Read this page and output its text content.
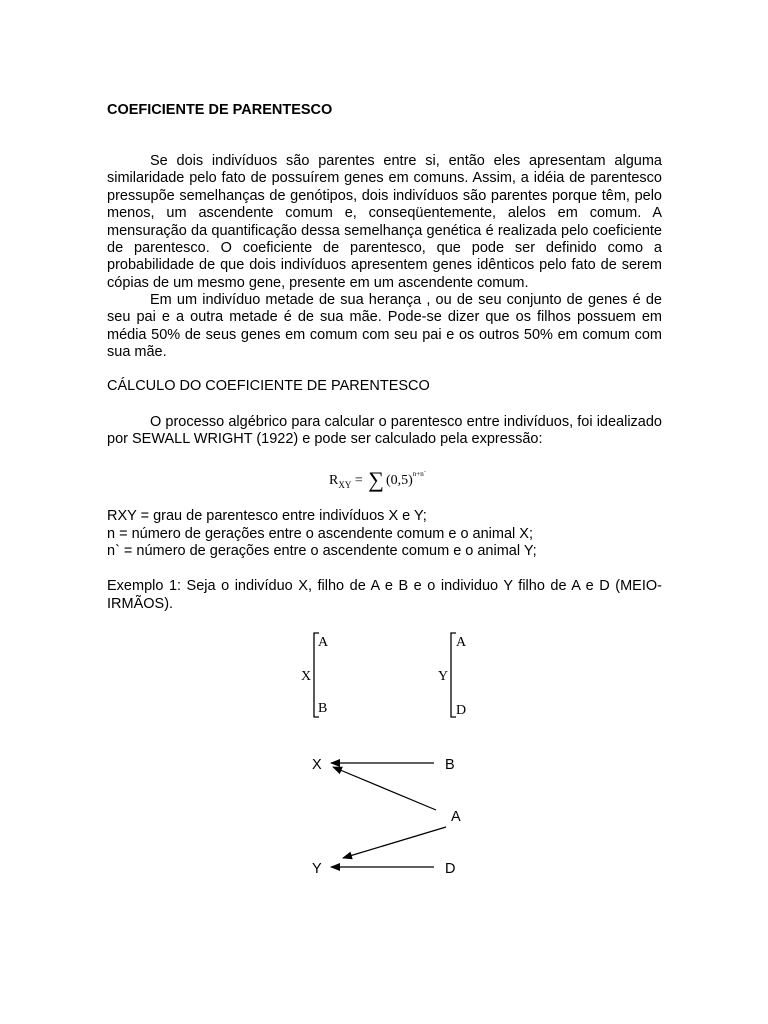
COEFICIENTE DE PARENTESCO
Se dois indivíduos são parentes entre si, então eles apresentam alguma similaridade pelo fato de possuírem genes em comuns. Assim, a idéia de parentesco pressupõe semelhanças de genótipos, dois indivíduos são parentes porque têm, pelo menos, um ascendente comum e, conseqüentemente, alelos em comum. A mensuração da quantificação dessa semelhança genética é realizada pelo coeficiente de parentesco. O coeficiente de parentesco, que pode ser definido como a probabilidade de que dois indivíduos apresentem genes idênticos pelo fato de serem cópias de um mesmo gene, presente em um ascendente comum.
Em um indivíduo metade de sua herança , ou de seu conjunto de genes é de seu pai e a outra metade é de sua mãe. Pode-se dizer que os filhos possuem em média 50% de seus genes em comum com seu pai e os outros 50% em comum com sua mãe.
CÁLCULO DO COEFICIENTE DE PARENTESCO
O processo algébrico para calcular o parentesco entre indivíduos, foi idealizado por SEWALL WRIGHT (1922) e pode ser calculado pela expressão:
$R_{XY}$ = ∑ $(0,5)^{n+n´}$
RXY = grau de parentesco entre indivíduos X e Y;
n = número de gerações entre o ascendente comum e o animal X;
n` = número de gerações entre o ascendente comum e o animal Y;
Exemplo 1: Seja o indivíduo X, filho de A e B e o individuo Y filho de A e D (MEIO-IRMÃOS).
A
X
B
A
Y
D
X	B
A
Y	D
